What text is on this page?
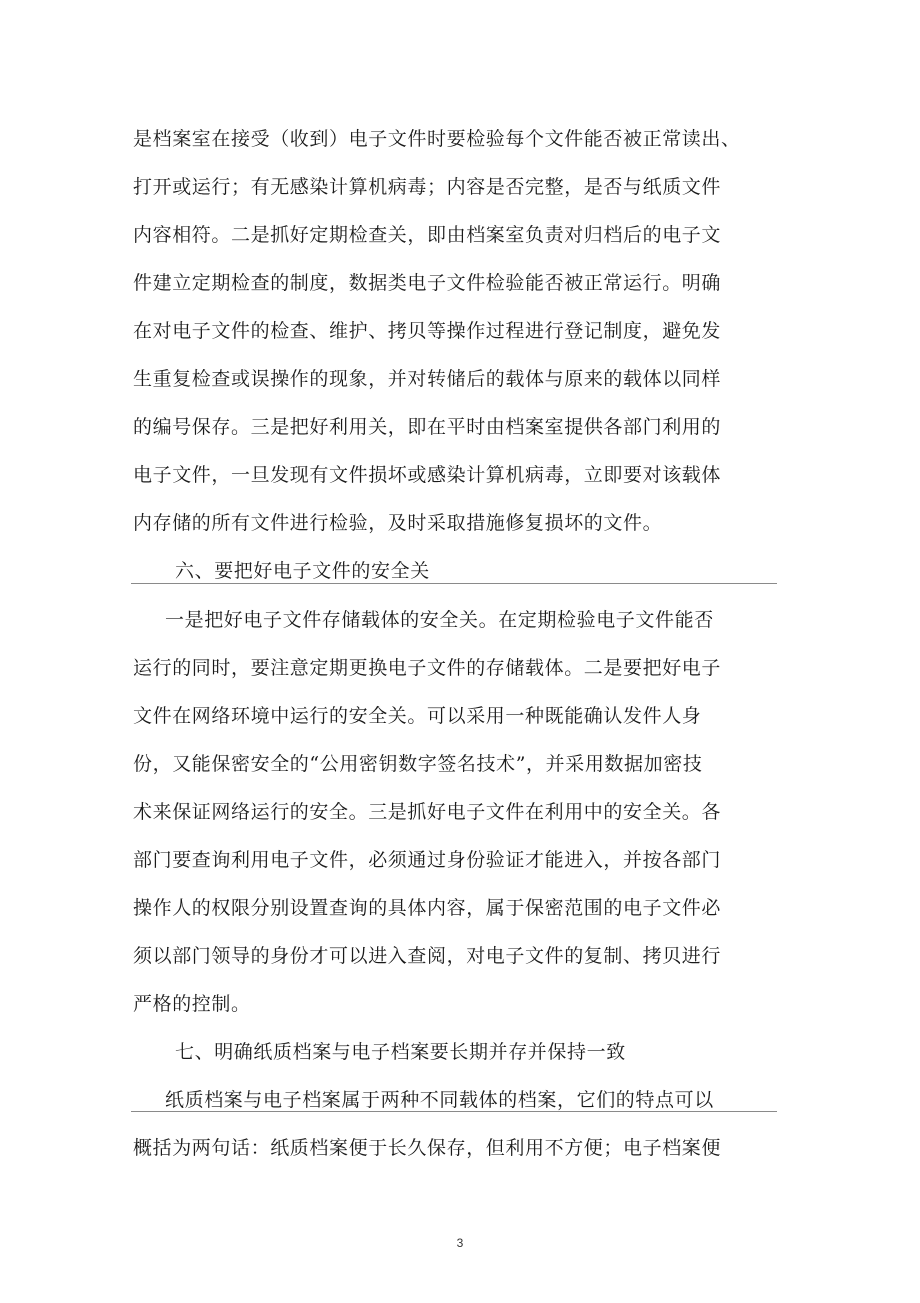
是档案室在接受（收到）电子文件时要检验每个文件能否被正常读出、
打开或运行；有无感染计算机病毒；内容是否完整，是否与纸质文件
内容相符。二是抓好定期检查关，即由档案室负责对归档后的电子文
件建立定期检查的制度，数据类电子文件检验能否被正常运行。明确
在对电子文件的检查、维护、拷贝等操作过程进行登记制度，避免发
生重复检查或误操作的现象，并对转储后的载体与原来的载体以同样
的编号保存。三是把好利用关，即在平时由档案室提供各部门利用的
电子文件，一旦发现有文件损坏或感染计算机病毒，立即要对该载体
内存储的所有文件进行检验，及时采取措施修复损坏的文件。
六、要把好电子文件的安全关
一是把好电子文件存储载体的安全关。在定期检验电子文件能否
运行的同时，要注意定期更换电子文件的存储载体。二是要把好电子
文件在网络环境中运行的安全关。可以采用一种既能确认发件人身
份，又能保密安全的“公用密钥数字签名技术”，并采用数据加密技
术来保证网络运行的安全。三是抓好电子文件在利用中的安全关。各
部门要查询利用电子文件，必须通过身份验证才能进入，并按各部门
操作人的权限分别设置查询的具体内容，属于保密范围的电子文件必
须以部门领导的身份才可以进入查阅，对电子文件的复制、拷贝进行
严格的控制。
七、明确纸质档案与电子档案要长期并存并保持一致
纸质档案与电子档案属于两种不同载体的档案，它们的特点可以
概括为两句话：纸质档案便于长久保存，但利用不方便；电子档案便
3
